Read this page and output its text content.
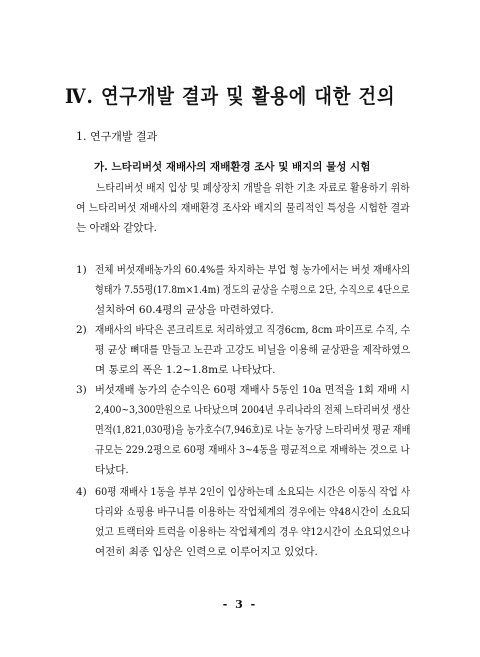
Ⅳ. 연구개발 결과 및 활용에 대한 건의
1. 연구개발 결과
가. 느타리버섯 재배사의 재배환경 조사 및 배지의 물성 시험
느타리버섯 배지 입상 및 폐상장치 개발을 위한 기초 자료로 활용하기 위하
여 느타리버섯 재배사의 재배환경 조사와 배지의 물리적인 특성을 시험한 결과
는 아래와 같았다.
1) 전체 버섯재배농가의 60.4%를 차지하는 부업 형 농가에서는 버섯 재배사의
형태가 7.55평(17.8m×1.4m) 정도의 균상을 수평으로 2단, 수직으로 4단으로
설치하여 60.4평의 균상을 마련하였다.
2) 재배사의 바닥은 콘크리트로 처리하였고 직경6cm, 8cm 파이프로 수직, 수
평 균상 뼈대를 만들고 노끈과 고강도 비닐을 이용해 균상판을 제작하였으
며 통로의 폭은 1.2~1.8m로 나타났다.
3) 버섯재배 농가의 순수익은 60평 재배사 5동인 10a 면적을 1회 재배 시
2,400~3,300만원으로 나타났으며 2004년 우리나라의 전체 느타리버섯 생산
면적(1,821,030평)을 농가호수(7,946호)로 나눈 농가당 느타리버섯 평균 재배
규모는 229.2평으로 60평 재배사 3~4동을 평균적으로 재배하는 것으로 나
타났다.
4) 60평 재배사 1동을 부부 2인이 입상하는데 소요되는 시간은 이동식 작업 사
다리와 쇼핑용 바구니를 이용하는 작업체계의 경우에는 약48시간이 소요되
었고 트랙터와 트럭을 이용하는 작업체계의 경우 약12시간이 소요되었으나
여전히 최종 입상은 인력으로 이루어지고 있었다.
- 3 -
